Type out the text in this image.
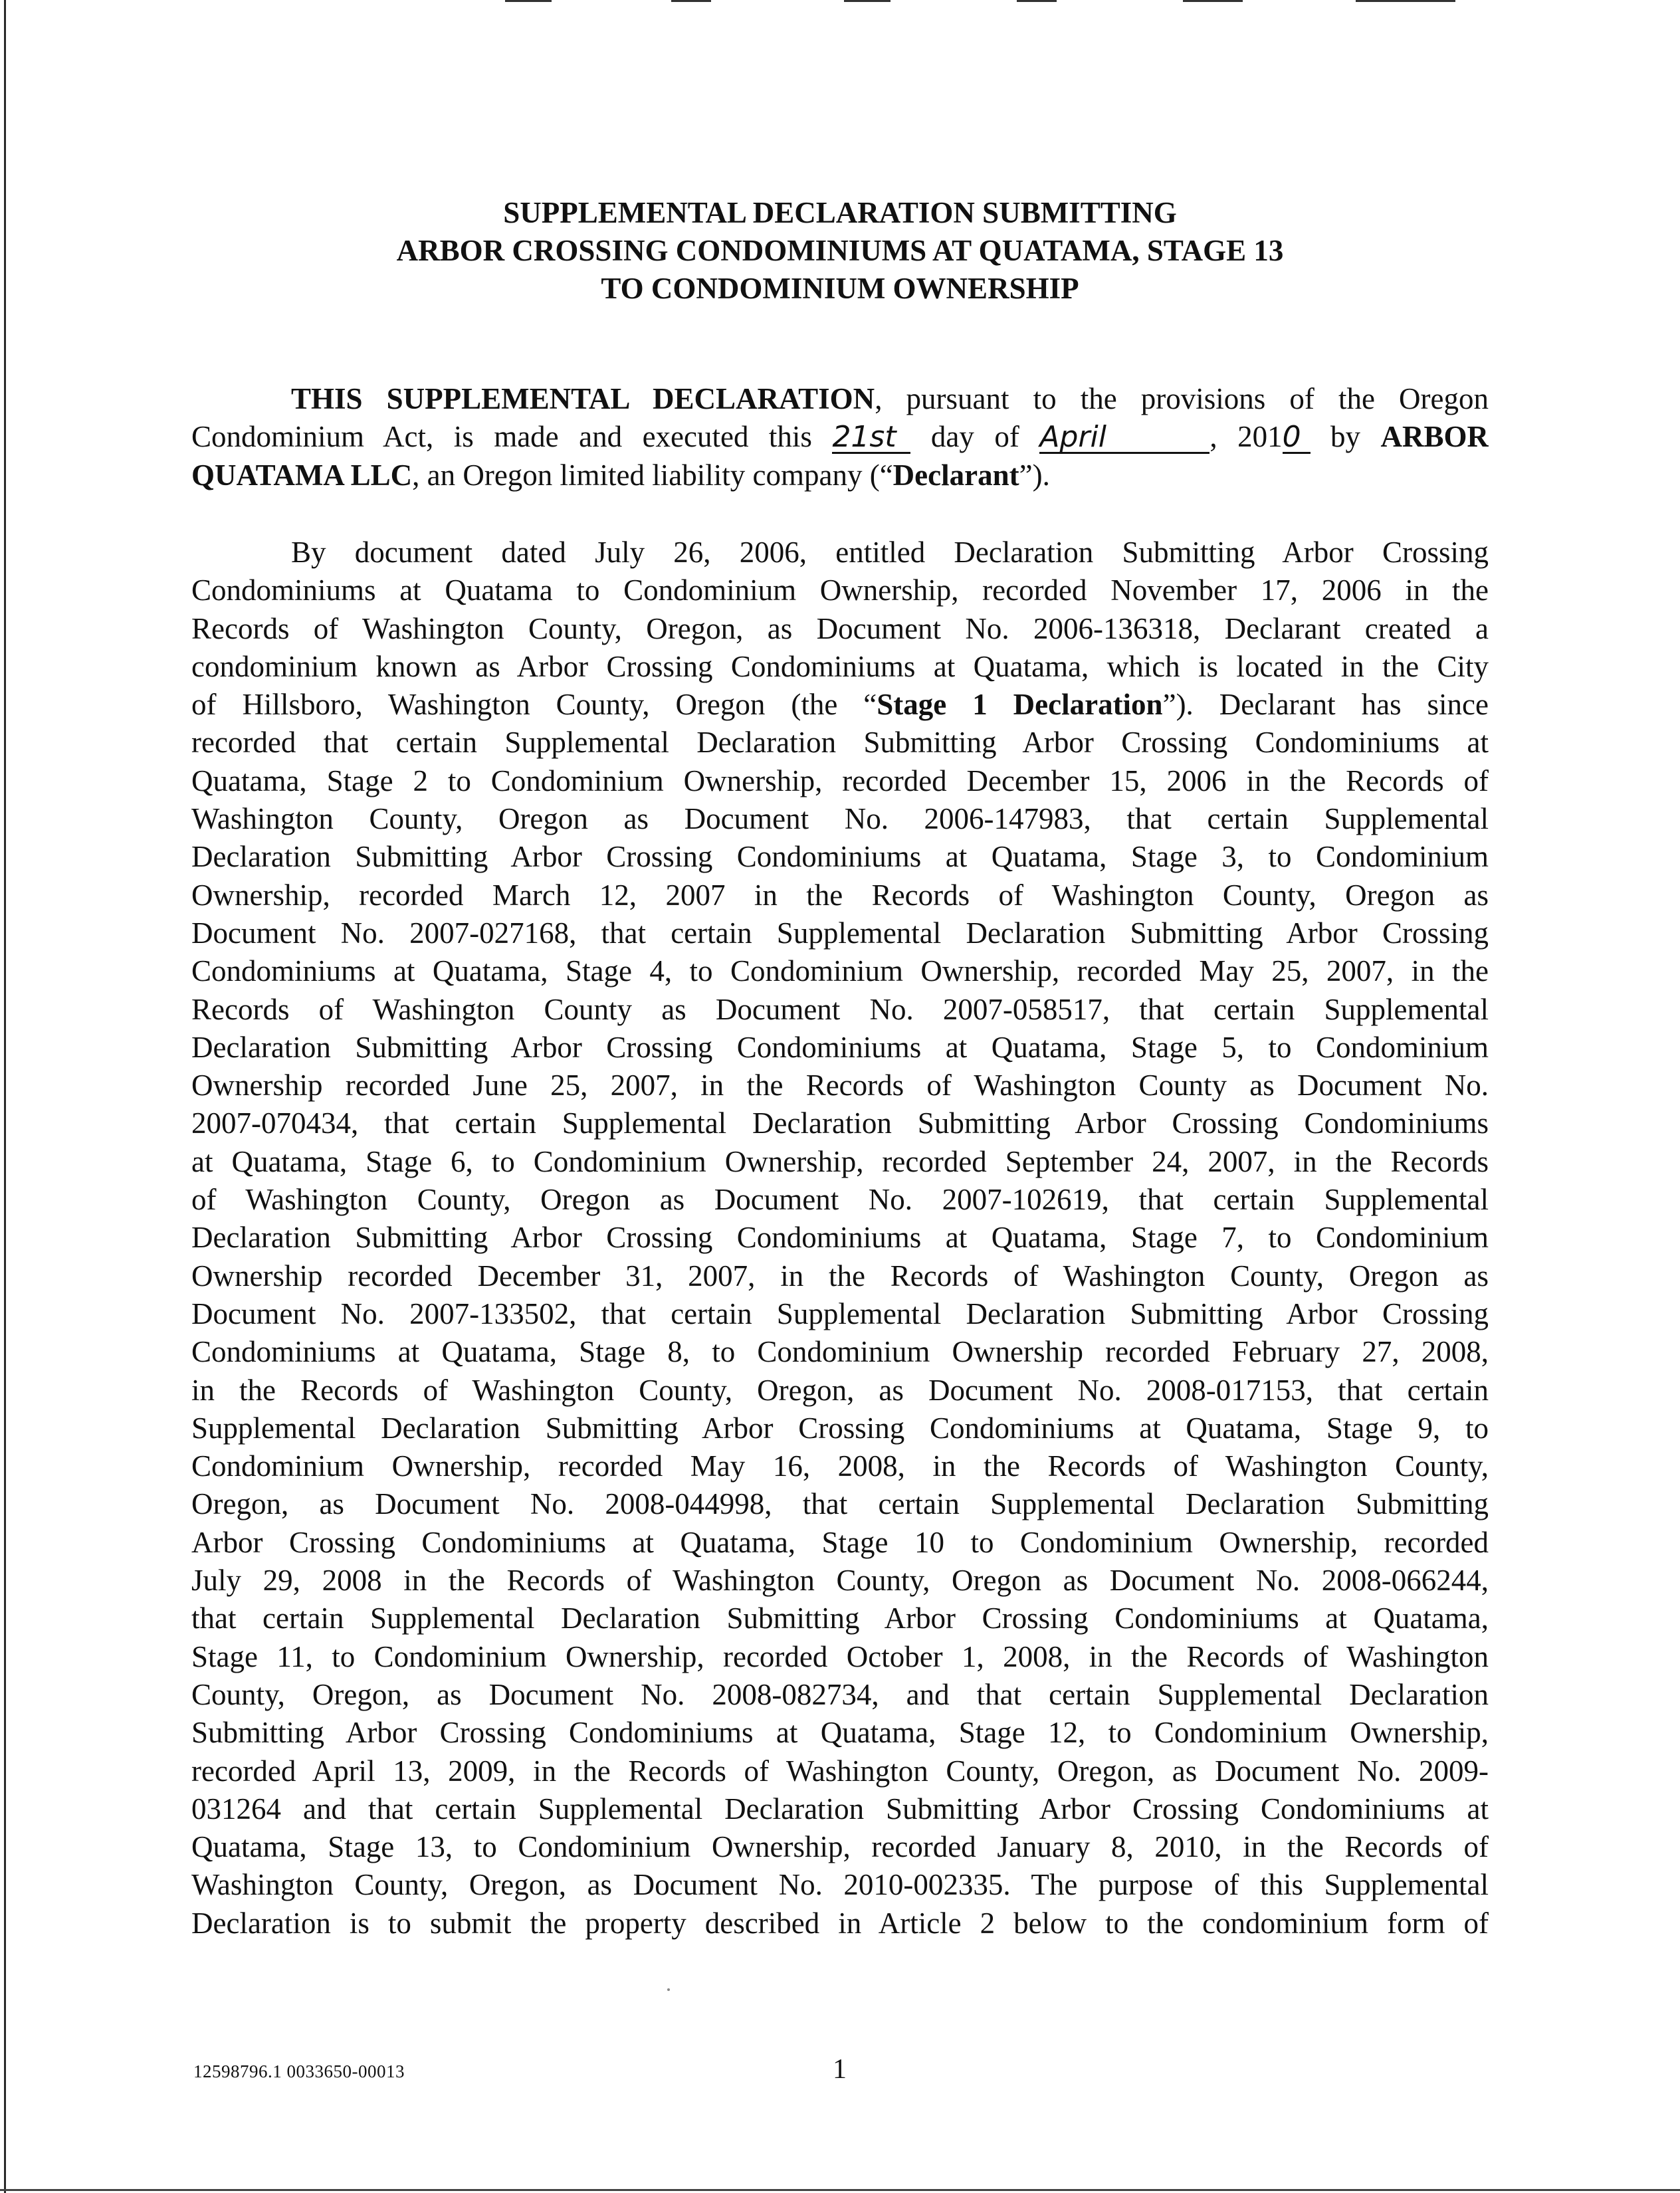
SUPPLEMENTAL DECLARATION SUBMITTING
ARBOR CROSSING CONDOMINIUMS AT QUATAMA, STAGE 13
TO CONDOMINIUM OWNERSHIP
THIS SUPPLEMENTAL DECLARATION, pursuant to the provisions of the Oregon
Condominium Act, is made and executed this 21st day of April	, 2010 by ARBOR
QUATAMA LLC, an Oregon limited liability company (“Declarant”).
By document dated July 26, 2006, entitled Declaration Submitting Arbor Crossing
Condominiums at Quatama to Condominium Ownership, recorded November 17, 2006 in the
Records of Washington County, Oregon, as Document No. 2006-136318, Declarant created a
condominium known as Arbor Crossing Condominiums at Quatama, which is located in the City
of Hillsboro, Washington County, Oregon (the “Stage 1 Declaration”). Declarant has since
recorded that certain Supplemental Declaration Submitting Arbor Crossing Condominiums at
Quatama, Stage 2 to Condominium Ownership, recorded December 15, 2006 in the Records of
Washington County, Oregon as Document No. 2006-147983, that certain Supplemental
Declaration Submitting Arbor Crossing Condominiums at Quatama, Stage 3, to Condominium
Ownership, recorded March 12, 2007 in the Records of Washington County, Oregon as
Document No. 2007-027168, that certain Supplemental Declaration Submitting Arbor Crossing
Condominiums at Quatama, Stage 4, to Condominium Ownership, recorded May 25, 2007, in the
Records of Washington County as Document No. 2007-058517, that certain Supplemental
Declaration Submitting Arbor Crossing Condominiums at Quatama, Stage 5, to Condominium
Ownership recorded June 25, 2007, in the Records of Washington County as Document No.
2007-070434, that certain Supplemental Declaration Submitting Arbor Crossing Condominiums
at Quatama, Stage 6, to Condominium Ownership, recorded September 24, 2007, in the Records
of Washington County, Oregon as Document No. 2007-102619, that certain Supplemental
Declaration Submitting Arbor Crossing Condominiums at Quatama, Stage 7, to Condominium
Ownership recorded December 31, 2007, in the Records of Washington County, Oregon as
Document No. 2007-133502, that certain Supplemental Declaration Submitting Arbor Crossing
Condominiums at Quatama, Stage 8, to Condominium Ownership recorded February 27, 2008,
in the Records of Washington County, Oregon, as Document No. 2008-017153, that certain
Supplemental Declaration Submitting Arbor Crossing Condominiums at Quatama, Stage 9, to
Condominium Ownership, recorded May 16, 2008, in the Records of Washington County,
Oregon, as Document No. 2008-044998, that certain Supplemental Declaration Submitting
Arbor Crossing Condominiums at Quatama, Stage 10 to Condominium Ownership, recorded
July 29, 2008 in the Records of Washington County, Oregon as Document No. 2008-066244,
that certain Supplemental Declaration Submitting Arbor Crossing Condominiums at Quatama,
Stage 11, to Condominium Ownership, recorded October 1, 2008, in the Records of Washington
County, Oregon, as Document No. 2008-082734, and that certain Supplemental Declaration
Submitting Arbor Crossing Condominiums at Quatama, Stage 12, to Condominium Ownership,
recorded April 13, 2009, in the Records of Washington County, Oregon, as Document No. 2009-
031264 and that certain Supplemental Declaration Submitting Arbor Crossing Condominiums at
Quatama, Stage 13, to Condominium Ownership, recorded January 8, 2010, in the Records of
Washington County, Oregon, as Document No. 2010-002335. The purpose of this Supplemental
Declaration is to submit the property described in Article 2 below to the condominium form of
12598796.1 0033650-00013	1
